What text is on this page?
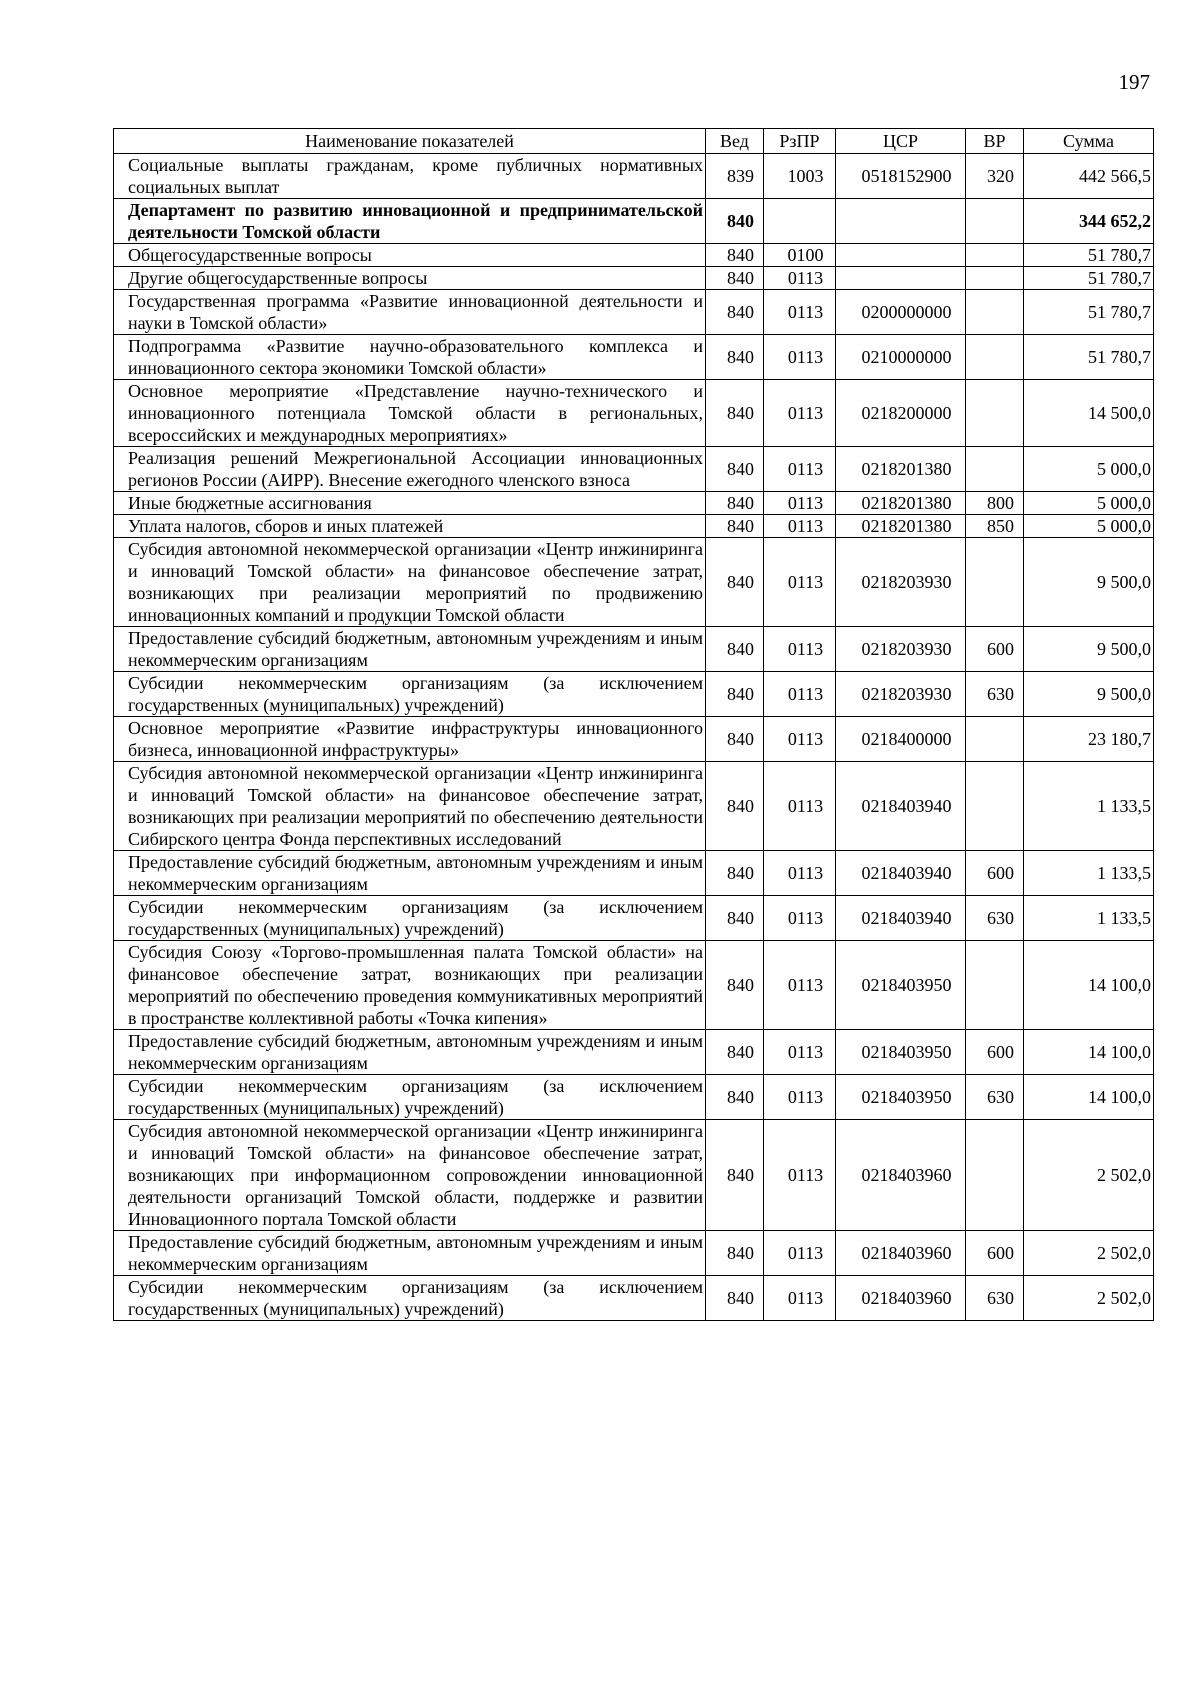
197
Наименование показателей	Вед	РзПР	ЦСР	ВР	Сумма
Социальные выплаты гражданам, кроме публичных нормативных социальных выплат	839	1003	0518152900	320	442 566,5
Департамент по развитию инновационной и предпринимательской деятельности Томской области	840				344 652,2
Общегосударственные вопросы	840	0100			51 780,7
Другие общегосударственные вопросы	840	0113			51 780,7
Государственная программа «Развитие инновационной деятельности и науки в Томской области»	840	0113	0200000000		51 780,7
Подпрограмма «Развитие научно-образовательного комплекса и инновационного сектора экономики Томской области»	840	0113	0210000000		51 780,7
Основное мероприятие «Представление научно-технического и инновационного потенциала Томской области в региональных, всероссийских и международных мероприятиях»	840	0113	0218200000		14 500,0
Реализация решений Межрегиональной Ассоциации инновационных регионов России (АИРР). Внесение ежегодного членского взноса	840	0113	0218201380		5 000,0
Иные бюджетные ассигнования	840	0113	0218201380	800	5 000,0
Уплата налогов, сборов и иных платежей	840	0113	0218201380	850	5 000,0
Субсидия автономной некоммерческой организации «Центр инжиниринга и инноваций Томской области» на финансовое обеспечение затрат, возникающих при реализации мероприятий по продвижению инновационных компаний и продукции Томской области	840	0113	0218203930		9 500,0
Предоставление субсидий бюджетным, автономным учреждениям и иным некоммерческим организациям	840	0113	0218203930	600	9 500,0
Субсидии некоммерческим организациям (за исключением государственных (муниципальных) учреждений)	840	0113	0218203930	630	9 500,0
Основное мероприятие «Развитие инфраструктуры инновационного бизнеса, инновационной инфраструктуры»	840	0113	0218400000		23 180,7
Субсидия автономной некоммерческой организации «Центр инжиниринга и инноваций Томской области» на финансовое обеспечение затрат, возникающих при реализации мероприятий по обеспечению деятельности Сибирского центра Фонда перспективных исследований	840	0113	0218403940		1 133,5
Предоставление субсидий бюджетным, автономным учреждениям и иным некоммерческим организациям	840	0113	0218403940	600	1 133,5
Субсидии некоммерческим организациям (за исключением государственных (муниципальных) учреждений)	840	0113	0218403940	630	1 133,5
Субсидия Союзу «Торгово-промышленная палата Томской области» на финансовое обеспечение затрат, возникающих при реализации мероприятий по обеспечению проведения коммуникативных мероприятий в пространстве коллективной работы «Точка кипения»	840	0113	0218403950		14 100,0
Предоставление субсидий бюджетным, автономным учреждениям и иным некоммерческим организациям	840	0113	0218403950	600	14 100,0
Субсидии некоммерческим организациям (за исключением государственных (муниципальных) учреждений)	840	0113	0218403950	630	14 100,0
Субсидия автономной некоммерческой организации «Центр инжиниринга и инноваций Томской области» на финансовое обеспечение затрат, возникающих при информационном сопровождении инновационной деятельности организаций Томской области, поддержке и развитии Инновационного портала Томской области	840	0113	0218403960		2 502,0
Предоставление субсидий бюджетным, автономным учреждениям и иным некоммерческим организациям	840	0113	0218403960	600	2 502,0
Субсидии некоммерческим организациям (за исключением государственных (муниципальных) учреждений)	840	0113	0218403960	630	2 502,0
